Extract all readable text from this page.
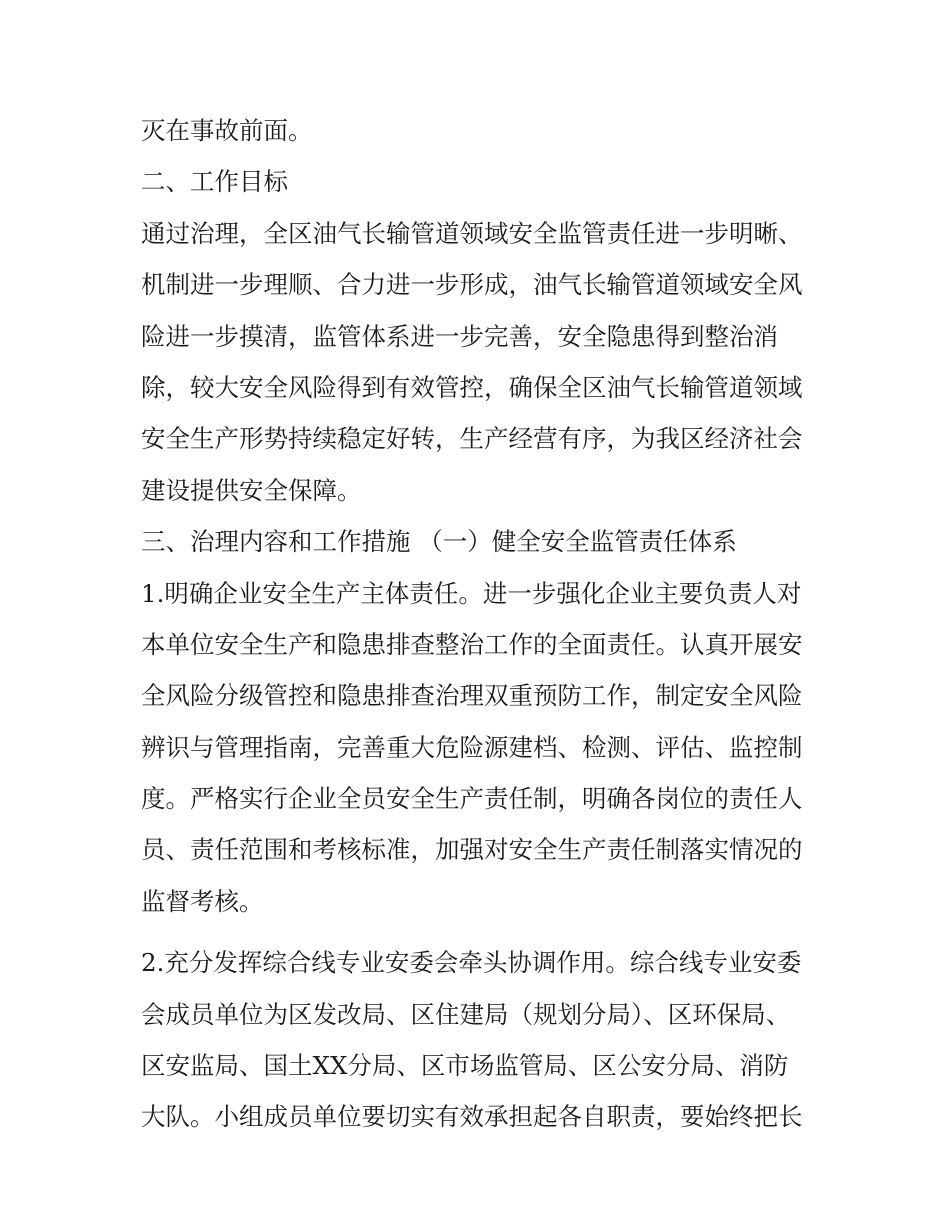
灭在事故前面。
二、工作目标
通过治理，全区油气长输管道领域安全监管责任进一步明晰、
机制进一步理顺、合力进一步形成，油气长输管道领域安全风
险进一步摸清，监管体系进一步完善，安全隐患得到整治消
除，较大安全风险得到有效管控，确保全区油气长输管道领域
安全生产形势持续稳定好转，生产经营有序，为我区经济社会
建设提供安全保障。
三、治理内容和工作措施 （一）健全安全监管责任体系
1.明确企业安全生产主体责任。进一步强化企业主要负责人对
本单位安全生产和隐患排查整治工作的全面责任。认真开展安
全风险分级管控和隐患排查治理双重预防工作，制定安全风险
辨识与管理指南，完善重大危险源建档、检测、评估、监控制
度。严格实行企业全员安全生产责任制，明确各岗位的责任人
员、责任范围和考核标准，加强对安全生产责任制落实情况的
监督考核。
2.充分发挥综合线专业安委会牵头协调作用。综合线专业安委
会成员单位为区发改局、区住建局（规划分局）、区环保局、
区安监局、国土XX分局、区市场监管局、区公安分局、消防
大队。小组成员单位要切实有效承担起各自职责，要始终把长
